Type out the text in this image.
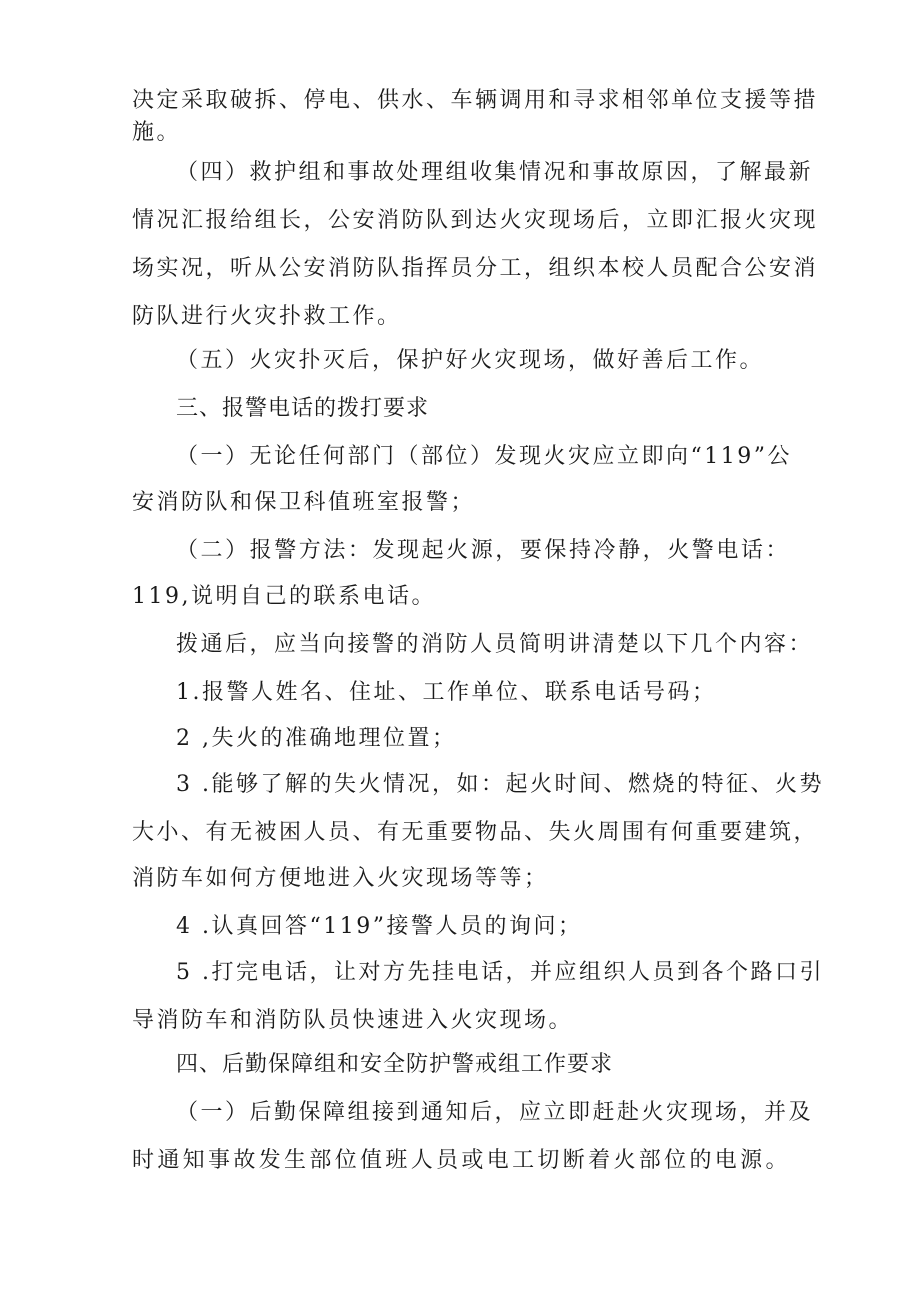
决定采取破拆、停电、供水、车辆调用和寻求相邻单位支援等措
施。
（四）救护组和事故处理组收集情况和事故原因，了解最新
情况汇报给组长，公安消防队到达火灾现场后，立即汇报火灾现
场实况，听从公安消防队指挥员分工，组织本校人员配合公安消
防队进行火灾扑救工作。
（五）火灾扑灭后，保护好火灾现场，做好善后工作。
三、报警电话的拨打要求
（一）无论任何部门（部位）发现火灾应立即向“119”公
安消防队和保卫科值班室报警；
（二）报警方法：发现起火源，要保持冷静，火警电话：
119,说明自己的联系电话。
拨通后，应当向接警的消防人员简明讲清楚以下几个内容：
1.报警人姓名、住址、工作单位、联系电话号码；
2 ,失火的准确地理位置；
3 .能够了解的失火情况，如：起火时间、燃烧的特征、火势
大小、有无被困人员、有无重要物品、失火周围有何重要建筑，
消防车如何方便地进入火灾现场等等；
4 .认真回答“119”接警人员的询问；
5 .打完电话，让对方先挂电话，并应组织人员到各个路口引
导消防车和消防队员快速进入火灾现场。
四、后勤保障组和安全防护警戒组工作要求
（一）后勤保障组接到通知后，应立即赶赴火灾现场，并及
时通知事故发生部位值班人员或电工切断着火部位的电源。
